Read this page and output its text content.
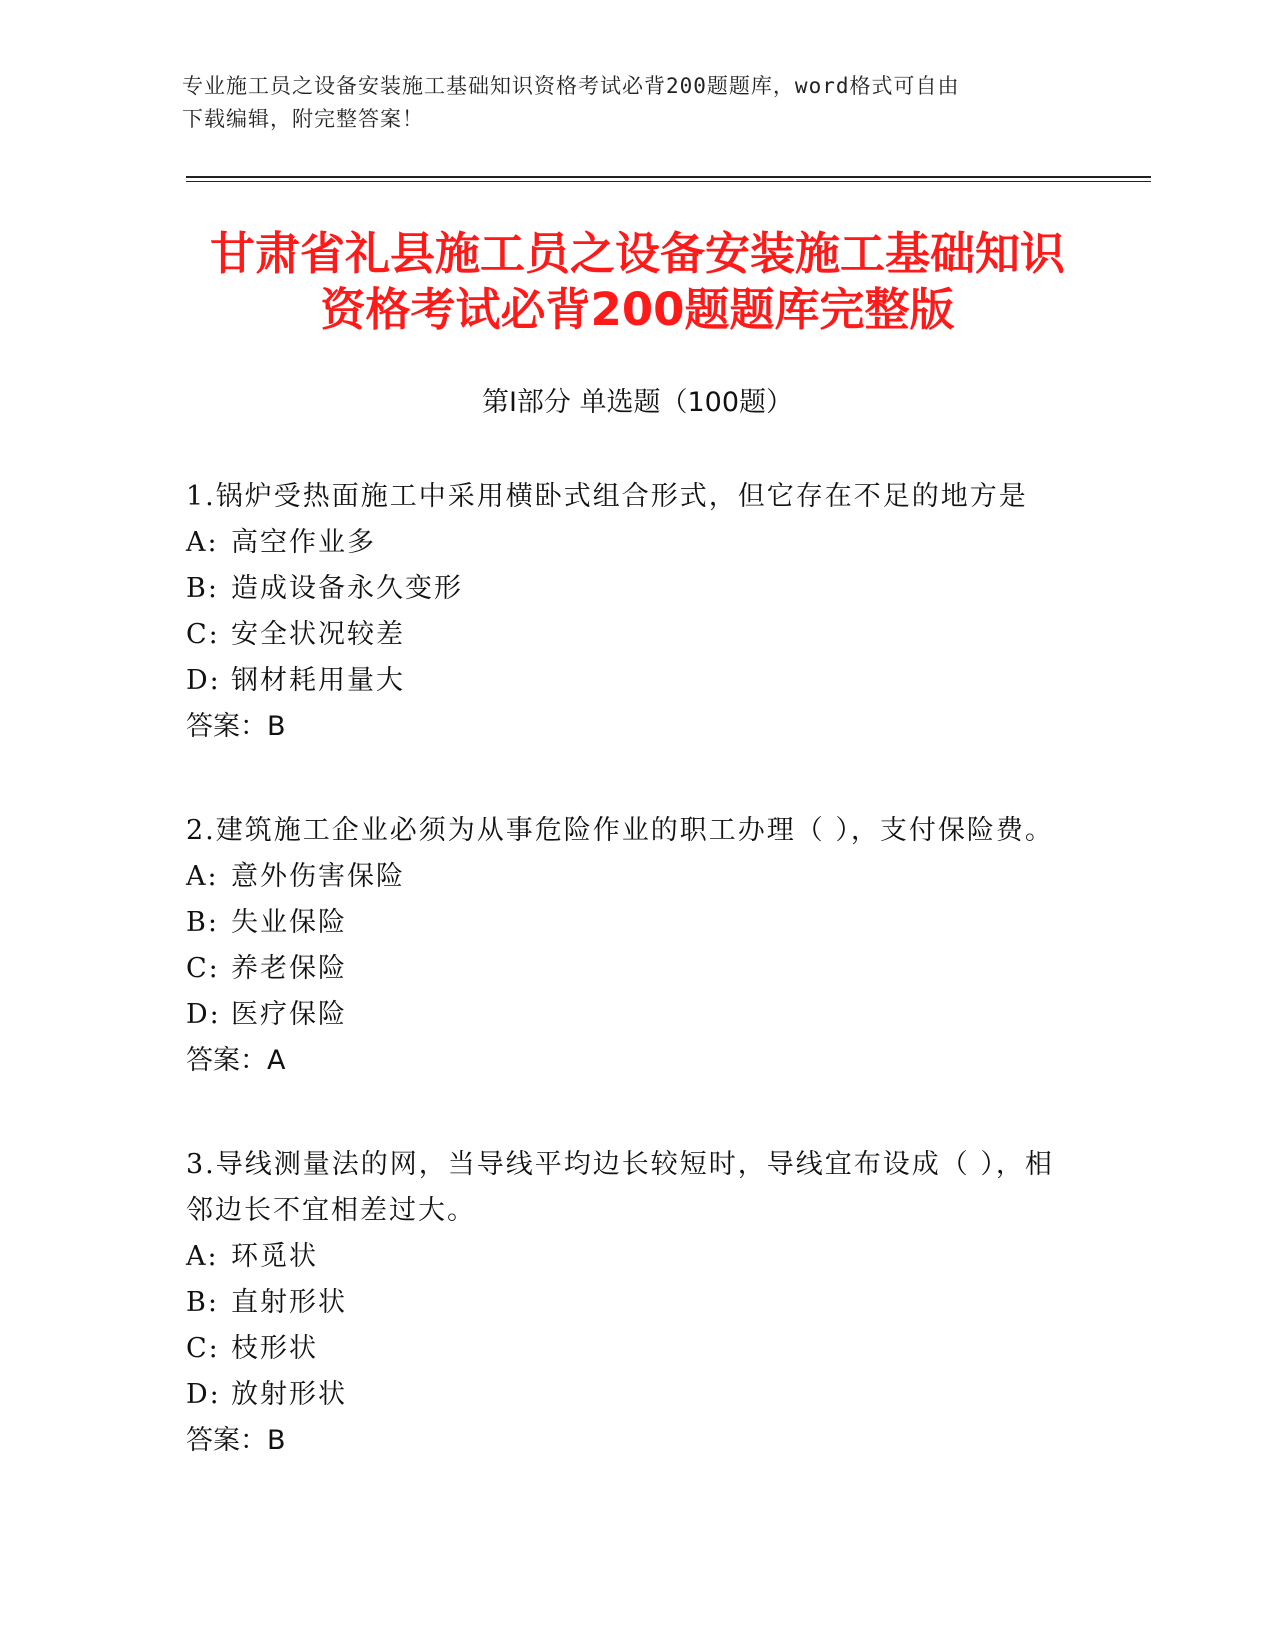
专业施工员之设备安装施工基础知识资格考试必背200题题库，word格式可自由
下载编辑，附完整答案！
甘肃省礼县施工员之设备安装施工基础知识
资格考试必背200题题库完整版
第Ⅰ部分 单选题（100题）
1.锅炉受热面施工中采用横卧式组合形式，但它存在不足的地方是
A: 高空作业多
B: 造成设备永久变形
C: 安全状况较差
D: 钢材耗用量大
答案：B
2.建筑施工企业必须为从事危险作业的职工办理（ ），支付保险费。
A: 意外伤害保险
B: 失业保险
C: 养老保险
D: 医疗保险
答案：A
3.导线测量法的网，当导线平均边长较短时，导线宜布设成（ ），相
邻边长不宜相差过大。
A: 环觅状
B: 直射形状
C: 枝形状
D: 放射形状
答案：B
